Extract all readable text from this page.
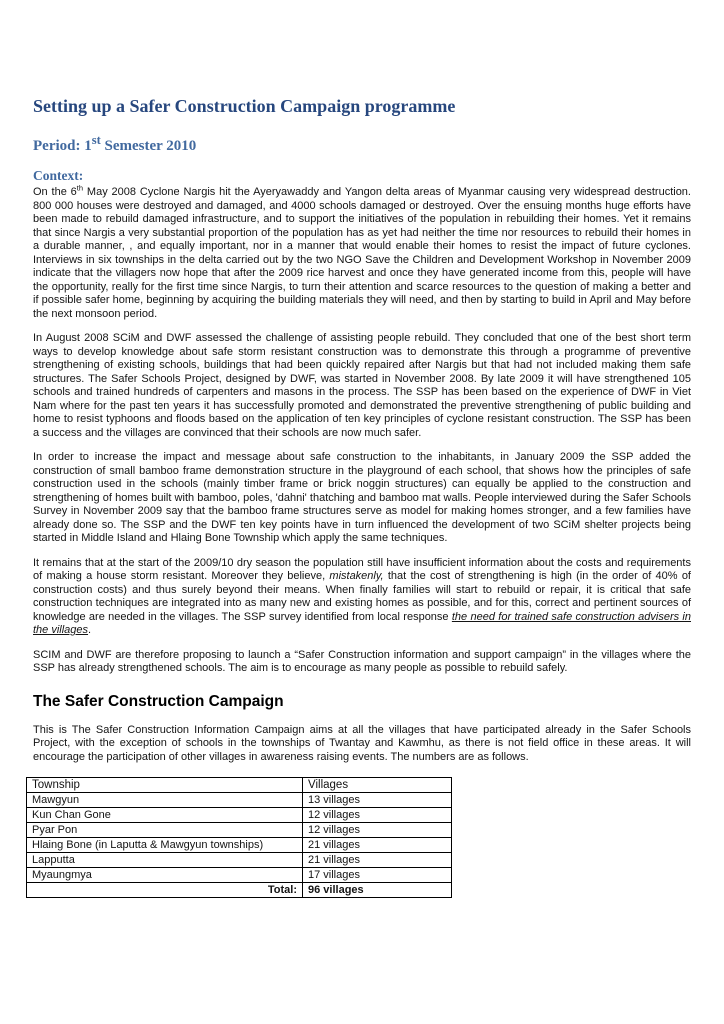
Setting up a Safer Construction Campaign programme
Period: 1st Semester 2010
Context:

On the 6th May 2008 Cyclone Nargis hit the Ayeryawaddy and Yangon delta areas of Myanmar causing very widespread destruction. 800 000 houses were destroyed and damaged, and 4000 schools damaged or destroyed. Over the ensuing months huge efforts have been made to rebuild damaged infrastructure, and to support the initiatives of the population in rebuilding their homes. Yet it remains that since Nargis a very substantial proportion of the population has as yet had neither the time nor resources to rebuild their homes in a durable manner, , and equally important, nor in a manner that would enable their homes to resist the impact of future cyclones. Interviews in six townships in the delta carried out by the two NGO Save the Children and Development Workshop in November 2009 indicate that the villagers now hope that after the 2009 rice harvest and once they have generated income from this, people will have the opportunity, really for the first time since Nargis, to turn their attention and scarce resources to the question of making a better and if possible safer home, beginning by acquiring the building materials they will need, and then by starting to build in April and May before the next monsoon period.

In August 2008 SCiM and DWF assessed the challenge of assisting people rebuild. They concluded that one of the best short term ways to develop knowledge about safe storm resistant construction was to demonstrate this through a programme of preventive strengthening of existing schools, buildings that had been quickly repaired after Nargis but that had not included making them safe structures. The Safer Schools Project, designed by DWF, was started in November 2008. By late 2009 it will have strengthened 105 schools and trained hundreds of carpenters and masons in the process. The SSP has been based on the experience of DWF in Viet Nam where for the past ten years it has successfully promoted and demonstrated the preventive strengthening of public building and home to resist typhoons and floods based on the application of ten key principles of cyclone resistant construction. The SSP has been a success and the villages are convinced that their schools are now much safer.

In order to increase the impact and message about safe construction to the inhabitants, in January 2009 the SSP added the construction of small bamboo frame demonstration structure in the playground of each school, that shows how the principles of safe construction used in the schools (mainly timber frame or brick noggin structures) can equally be applied to the construction and strengthening of homes built with bamboo, poles, 'dahni' thatching and bamboo mat walls. People interviewed during the Safer Schools Survey in November 2009 say that the bamboo frame structures serve as model for making homes stronger, and a few families have already done so. The SSP and the DWF ten key points have in turn influenced the development of two SCiM shelter projects being started in Middle Island and Hlaing Bone Township which apply the same techniques.

It remains that at the start of the 2009/10 dry season the population still have insufficient information about the costs and requirements of making a house storm resistant. Moreover they believe, mistakenly, that the cost of strengthening is high (in the order of 40% of construction costs) and thus surely beyond their means. When finally families will start to rebuild or repair, it is critical that safe construction techniques are integrated into as many new and existing homes as possible, and for this, correct and pertinent sources of knowledge are needed in the villages. The SSP survey identified from local response the need for trained safe construction advisers in the villages.

SCIM and DWF are therefore proposing to launch a “Safer Construction information and support campaign” in the villages where the SSP has already strengthened schools. The aim is to encourage as many people as possible to rebuild safely.

The Safer Construction Campaign

This is The Safer Construction Information Campaign aims at all the villages that have participated already in the Safer Schools Project, with the exception of schools in the townships of Twantay and Kawmhu, as there is not field office in these areas. It will encourage the participation of other villages in awareness raising events. The numbers are as follows.

Township	Villages
Mawgyun	13 villages
Kun Chan Gone	12 villages
Pyar Pon	12 villages
Hlaing Bone (in Laputta & Mawgyun townships)	21 villages
Lapputta	21 villages
Myaungmya	17 villages
Total:	96 villages
